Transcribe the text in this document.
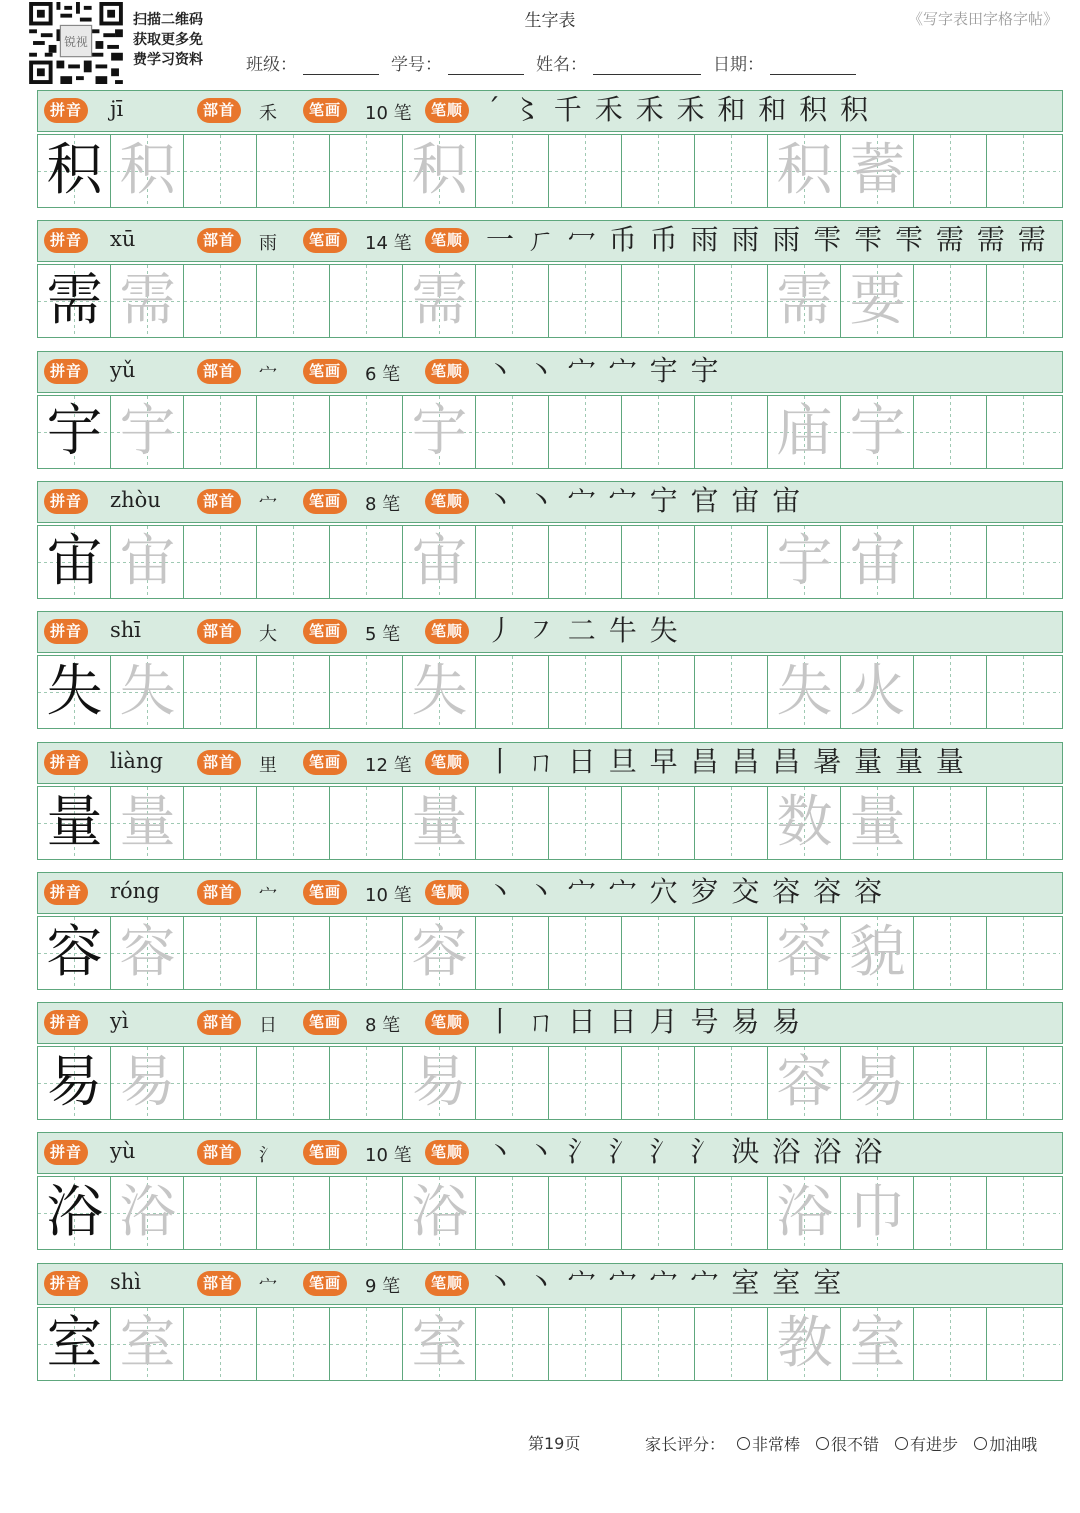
锐视
扫描二维码
获取更多免
费学习资料
生字表	《写字表田字格字帖》
班级：	学号：	姓名：	日期：
拼音 jī	部首	禾	笔画	10 笔	笔顺 ˊ 〻 千 禾 禾 禾 和 和 积 积
积 积	积	积 蓄
拼音 xū	部首	雨	笔画	14 笔	笔顺 一 ㄏ 冖 币 币 雨 雨 雨 雫 雫 雫 需 需 需
需 需	需	需 要
拼音 yǔ	部首	宀	笔画	6 笔	笔顺 丶 丶 宀 宀 宇 宇
宇 宇	宇	庙 宇
拼音 zhòu	部首	宀	笔画	8 笔	笔顺 丶 丶 宀 宀 宁 官 宙 宙
宙 宙	宙	宇 宙
拼音 shī	部首	大	笔画	5 笔	笔顺 丿 ㇇ 二 牛 失
失 失	失	失 火
拼音 liàng	部首	里	笔画	12 笔	笔顺 丨 ㄇ 日 旦 早 昌 昌 昌 暑 量 量 量
量 量	量	数 量
拼音 róng	部首	宀	笔画	10 笔	笔顺 丶 丶 宀 宀 穴 穸 交 容 容 容
容 容	容	容 貌
拼音 yì	部首	日	笔画	8 笔	笔顺 丨 ㄇ 日 日 月 号 易 易
易 易	易	容 易
拼音 yù	部首	氵	笔画	10 笔	笔顺 丶 丶 氵 氵 氵 氵 泱 浴 浴 浴
浴 浴	浴	浴 巾
拼音 shì	部首	宀	笔画	9 笔	笔顺 丶 丶 宀 宀 宀 宀 室 室 室
室 室	室	教 室
第19页	家长评分： 非常棒 很不错 有进步 加油哦
